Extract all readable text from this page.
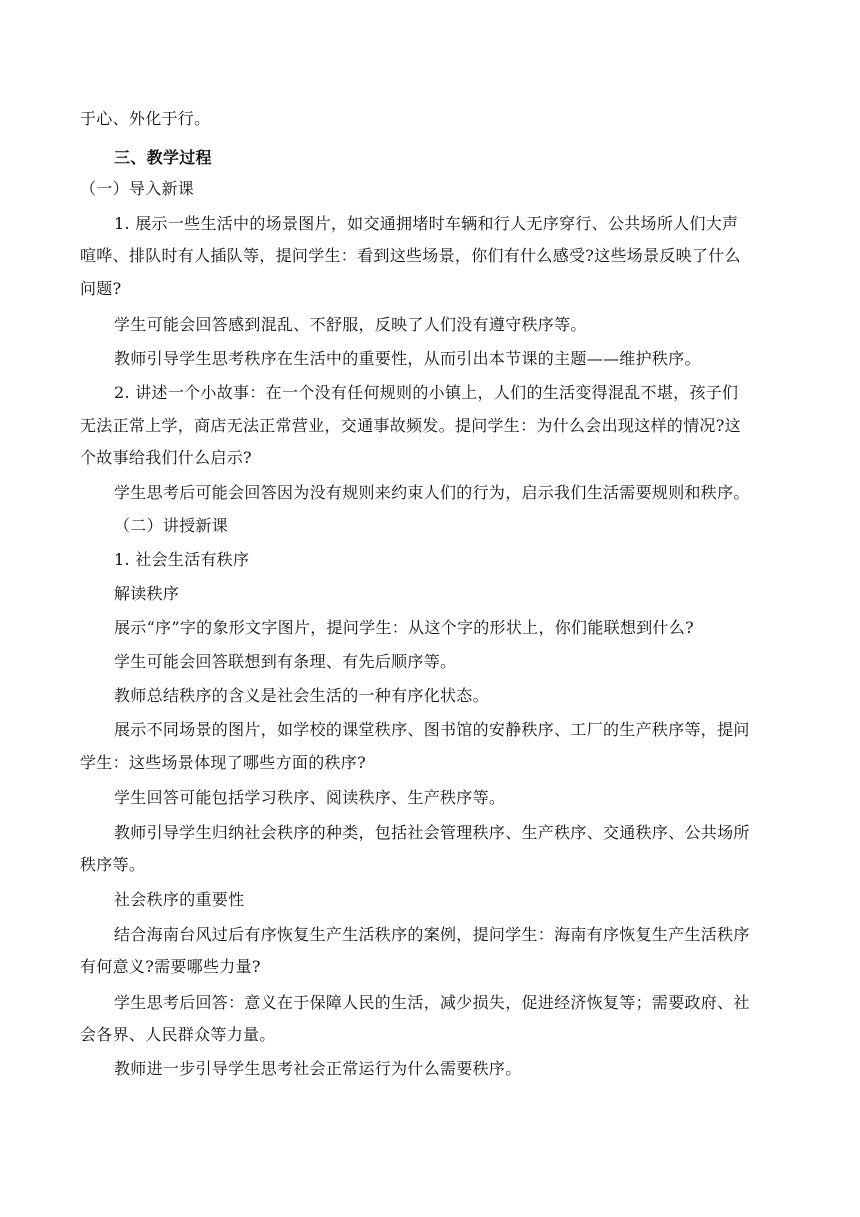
于心、外化于行。
三、教学过程
（一）导入新课
1. 展示一些生活中的场景图片，如交通拥堵时车辆和行人无序穿行、公共场所人们大声
喧哗、排队时有人插队等，提问学生：看到这些场景，你们有什么感受?这些场景反映了什么
问题?
学生可能会回答感到混乱、不舒服，反映了人们没有遵守秩序等。
教师引导学生思考秩序在生活中的重要性，从而引出本节课的主题——维护秩序。
2. 讲述一个小故事：在一个没有任何规则的小镇上，人们的生活变得混乱不堪，孩子们
无法正常上学，商店无法正常营业，交通事故频发。提问学生：为什么会出现这样的情况?这
个故事给我们什么启示?
学生思考后可能会回答因为没有规则来约束人们的行为，启示我们生活需要规则和秩序。
（二）讲授新课
1. 社会生活有秩序
解读秩序
展示“序”字的象形文字图片，提问学生：从这个字的形状上，你们能联想到什么?
学生可能会回答联想到有条理、有先后顺序等。
教师总结秩序的含义是社会生活的一种有序化状态。
展示不同场景的图片，如学校的课堂秩序、图书馆的安静秩序、工厂的生产秩序等，提问
学生：这些场景体现了哪些方面的秩序?
学生回答可能包括学习秩序、阅读秩序、生产秩序等。
教师引导学生归纳社会秩序的种类，包括社会管理秩序、生产秩序、交通秩序、公共场所
秩序等。
社会秩序的重要性
结合海南台风过后有序恢复生产生活秩序的案例，提问学生：海南有序恢复生产生活秩序
有何意义?需要哪些力量?
学生思考后回答：意义在于保障人民的生活，减少损失，促进经济恢复等；需要政府、社
会各界、人民群众等力量。
教师进一步引导学生思考社会正常运行为什么需要秩序。
